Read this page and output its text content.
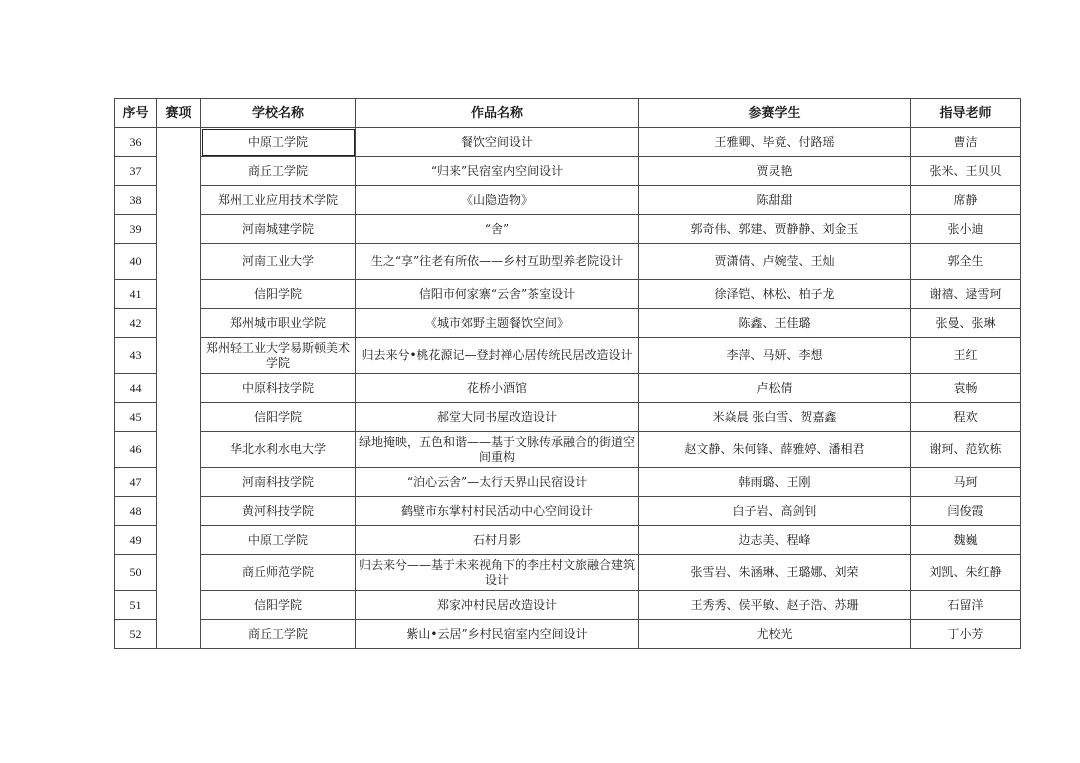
序号	赛项	学校名称	作品名称	参赛学生	指导老师
36		中原工学院	餐饮空间设计	王雅卿、毕竟、付路瑶	曹洁
37		商丘工学院	“归来”民宿室内空间设计	贾灵艳	张米、王贝贝
38		郑州工业应用技术学院	《山隐造物》	陈甜甜	席静
39		河南城建学院	“舍”	郭奇伟、郭建、贾静静、刘金玉	张小迪
40		河南工业大学	生之“享”往老有所依——乡村互助型养老院设计	贾潇倩、卢婉莹、王灿	郭全生
41		信阳学院	信阳市何家寨“云舍”茶室设计	徐泽铠、林松、柏子龙	谢禧、逯雪珂
42		郑州城市职业学院	《城市郊野主题餐饮空间》	陈鑫、王佳璐	张曼、张琳
43		郑州轻工业大学易斯顿美术学院	归去来兮•桃花源记—登封禅心居传统民居改造设计	李萍、马妍、李想	王红
44		中原科技学院	花桥小酒馆	卢松倩	袁畅
45		信阳学院	郝堂大同书屋改造设计	米焱晨 张白雪、贺嘉鑫	程欢
46		华北水利水电大学	绿地掩映，五色和谐——基于文脉传承融合的街道空间重构	赵文静、朱何锋、薛雅婷、潘相君	谢珂、范钦栋
47		河南科技学院	“泊心云舍”—太行天界山民宿设计	韩雨璐、王刚	马珂
48		黄河科技学院	鹤壁市东掌村村民活动中心空间设计	白子岩、高剑钊	闫俊霞
49		中原工学院	石村月影	边志美、程峰	魏巍
50		商丘师范学院	归去来兮——基于未来视角下的李庄村文旅融合建筑设计	张雪岩、朱涵琳、王璐娜、刘荣	刘凯、朱红静
51		信阳学院	郑家冲村民居改造设计	王秀秀、侯平敏、赵子浩、苏珊	石留洋
52		商丘工学院	紫山•云居”乡村民宿室内空间设计	尤校光	丁小芳
